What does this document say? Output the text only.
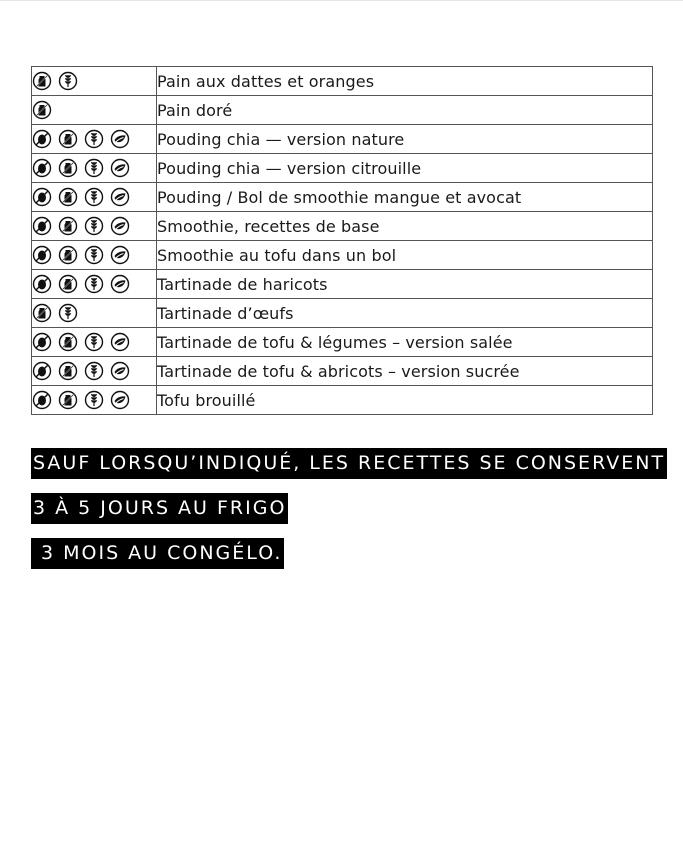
	Pain aux dattes et oranges

	Pain doré

	Pouding chia — version nature

	Pouding chia — version citrouille

	Pouding / Bol de smoothie mangue et avocat

	Smoothie, recettes de base

	Smoothie au tofu dans un bol

	Tartinade de haricots

	Tartinade d’œufs

	Tartinade de tofu & légumes – version salée

	Tartinade de tofu & abricots – version sucrée

	Tofu brouillé
SAUF LORSQU’INDIQUÉ, LES RECETTES SE CONSERVENT
3 À 5 JOURS AU FRIGO
3 MOIS AU CONGÉLO.
